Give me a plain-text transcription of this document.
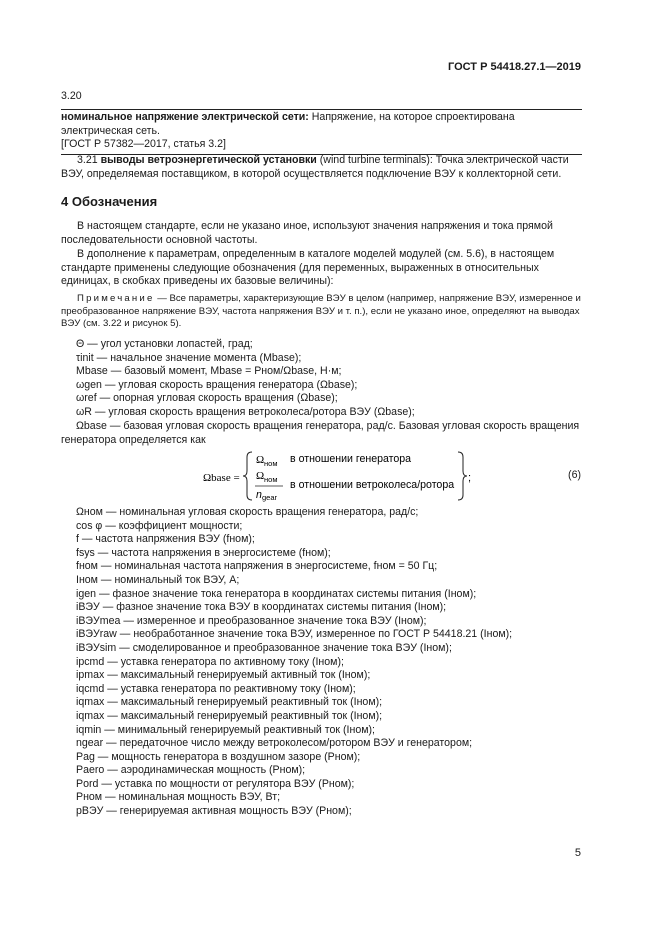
ГОСТ Р 54418.27.1—2019
3.20
номинальное напряжение электрической сети: Напряжение, на которое спроектирована электрическая сеть.
[ГОСТ Р 57382—2017, статья 3.2]

3.21 выводы ветроэнергетической установки (wind turbine terminals): Точка электрической части ВЭУ, определяемая поставщиком, в которой осуществляется подключение ВЭУ к коллекторной сети.

4 Обозначения

В настоящем стандарте, если не указано иное, используют значения напряжения и тока прямой последовательности основной частоты.

В дополнение к параметрам, определенным в каталоге моделей модулей (см. 5.6), в настоящем стандарте применены следующие обозначения (для переменных, выраженных в относительных единицах, в скобках приведены их базовые величины):

Примечание — Все параметры, характеризующие ВЭУ в целом (например, напряжение ВЭУ, измеренное и преобразованное напряжение ВЭУ, частота напряжения ВЭУ и т. п.), если не указано иное, определяют на выводах ВЭУ (см. 3.22 и рисунок 5).

Θ — угол установки лопастей, град;
τinit — начальное значение момента (Mbase);
Mbase — базовый момент, Mbase = Pном/Ωbase, Н·м;
ωgen — угловая скорость вращения генератора (Ωbase);
ωref — опорная угловая скорость вращения (Ωbase);
ωR — угловая скорость вращения ветроколеса/ротора ВЭУ (Ωbase);
Ωbase — базовая угловая скорость вращения генератора, рад/с. Базовая угловая скорость вращения генератора определяется как
Ωbase =
Ω ном в отношении генератора
Ω ном
n gear
в отношении ветроколеса/ротора
;	(6)
Ωном — номинальная угловая скорость вращения генератора, рад/с;
cos φ — коэффициент мощности;
f — частота напряжения ВЭУ (fном);
fsys — частота напряжения в энергосистеме (fном);
fном — номинальная частота напряжения в энергосистеме, fном = 50 Гц;
Iном — номинальный ток ВЭУ, А;
igen — фазное значение тока генератора в координатах системы питания (Iном);
iВЭУ — фазное значение тока ВЭУ в координатах системы питания (Iном);
iВЭУmea — измеренное и преобразованное значение тока ВЭУ (Iном);
iВЭУraw — необработанное значение тока ВЭУ, измеренное по ГОСТ Р 54418.21 (Iном);
iВЭУsim — смоделированное и преобразованное значение тока ВЭУ (Iном);
ipcmd — уставка генератора по активному току (Iном);
ipmax — максимальный генерируемый активный ток (Iном);
iqcmd — уставка генератора по реактивному току (Iном);
iqmax — максимальный генерируемый реактивный ток (Iном);
iqmax — максимальный генерируемый реактивный ток (Iном);
iqmin — минимальный генерируемый реактивный ток (Iном);
ngear — передаточное число между ветроколесом/ротором ВЭУ и генератором;
Pag — мощность генератора в воздушном зазоре (Pном);
Paero — аэродинамическая мощность (Pном);
Pord — уставка по мощности от регулятора ВЭУ (Pном);
Pном — номинальная мощность ВЭУ, Вт;
pВЭУ — генерируемая активная мощность ВЭУ (Pном);
5
